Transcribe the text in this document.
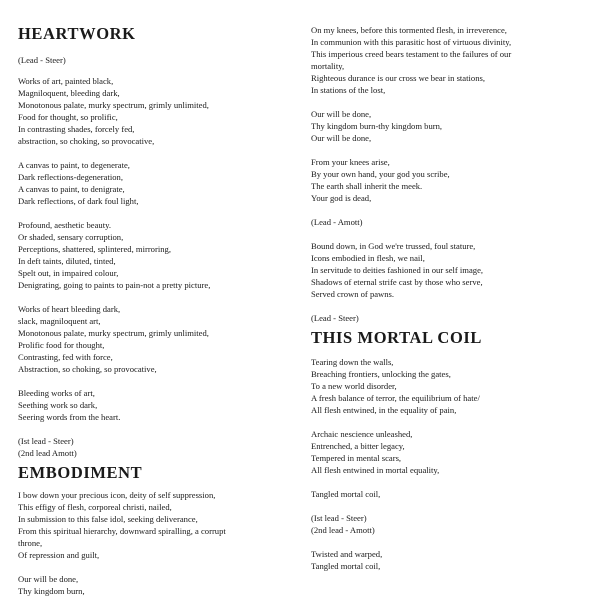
HEARTWORK
(Lead - Steer)
Works of art, painted black,
Magniloquent, bleeding dark,
Monotonous palate, murky spectrum, grimly unlimited,
Food for thought, so prolific,
In contrasting shades, forcely fed,
abstraction, so choking, so provocative,
A canvas to paint, to degenerate,
Dark reflections-degeneration,
A canvas to paint, to denigrate,
Dark reflections, of dark foul light,
Profound, aesthetic beauty.
Or shaded, sensary corruption,
Perceptions, shattered, splintered, mirroring,
In deft taints, diluted, tinted,
Spelt out, in impaired colour,
Denigrating, going to paints to pain-not a pretty picture,
Works of heart bleeding dark,
slack, magniloquent art,
Monotonous palate, murky spectrum, grimly unlimited,
Prolific food for thought,
Contrasting, fed with force,
Abstraction, so choking, so provocative,
Bleeding works of art,
Seething work so dark,
Seering words from the heart.
(Ist lead - Steer)
(2nd lead Amott)
EMBODIMENT
I bow down your precious icon, deity of self suppression,
This effigy of flesh, corporeal christi, nailed,
In submission to this false idol, seeking deliverance,
From this spiritual hierarchy, downward spiralling, a corrupt
throne,
Of repression and guilt,
Our will be done,
Thy kingdom burn,
On my knees, before this tormented flesh, in irreverence,
In communion with this parasitic host of virtuous divinity,
This imperious creed bears testament to the failures of our
mortality,
Righteous durance is our cross we bear in stations,
In stations of the lost,
Our will be done,
Thy kingdom burn-thy kingdom burn,
Our will be done,
From your knees arise,
By your own hand, your god you scribe,
The earth shall inherit the meek.
Your god is dead,
(Lead - Amott)
Bound down, in God we're trussed, foul stature,
Icons embodied in flesh, we nail,
In servitude to deities fashioned in our self image,
Shadows of eternal strife cast by those who serve,
Served crown of pawns.
(Lead - Steer)
THIS MORTAL COIL
Tearing down the walls,
Breaching frontiers, unlocking the gates,
To a new world disorder,
A fresh balance of terror, the equilibrium of hate/
All flesh entwined, in the equality of pain,
Archaic nescience unleashed,
Entrenched, a bitter legacy,
Tempered in mental scars,
All flesh entwined in mortal equality,
Tangled mortal coil,
(Ist lead - Steer)
(2nd lead - Amott)
Twisted and warped,
Tangled mortal coil,
